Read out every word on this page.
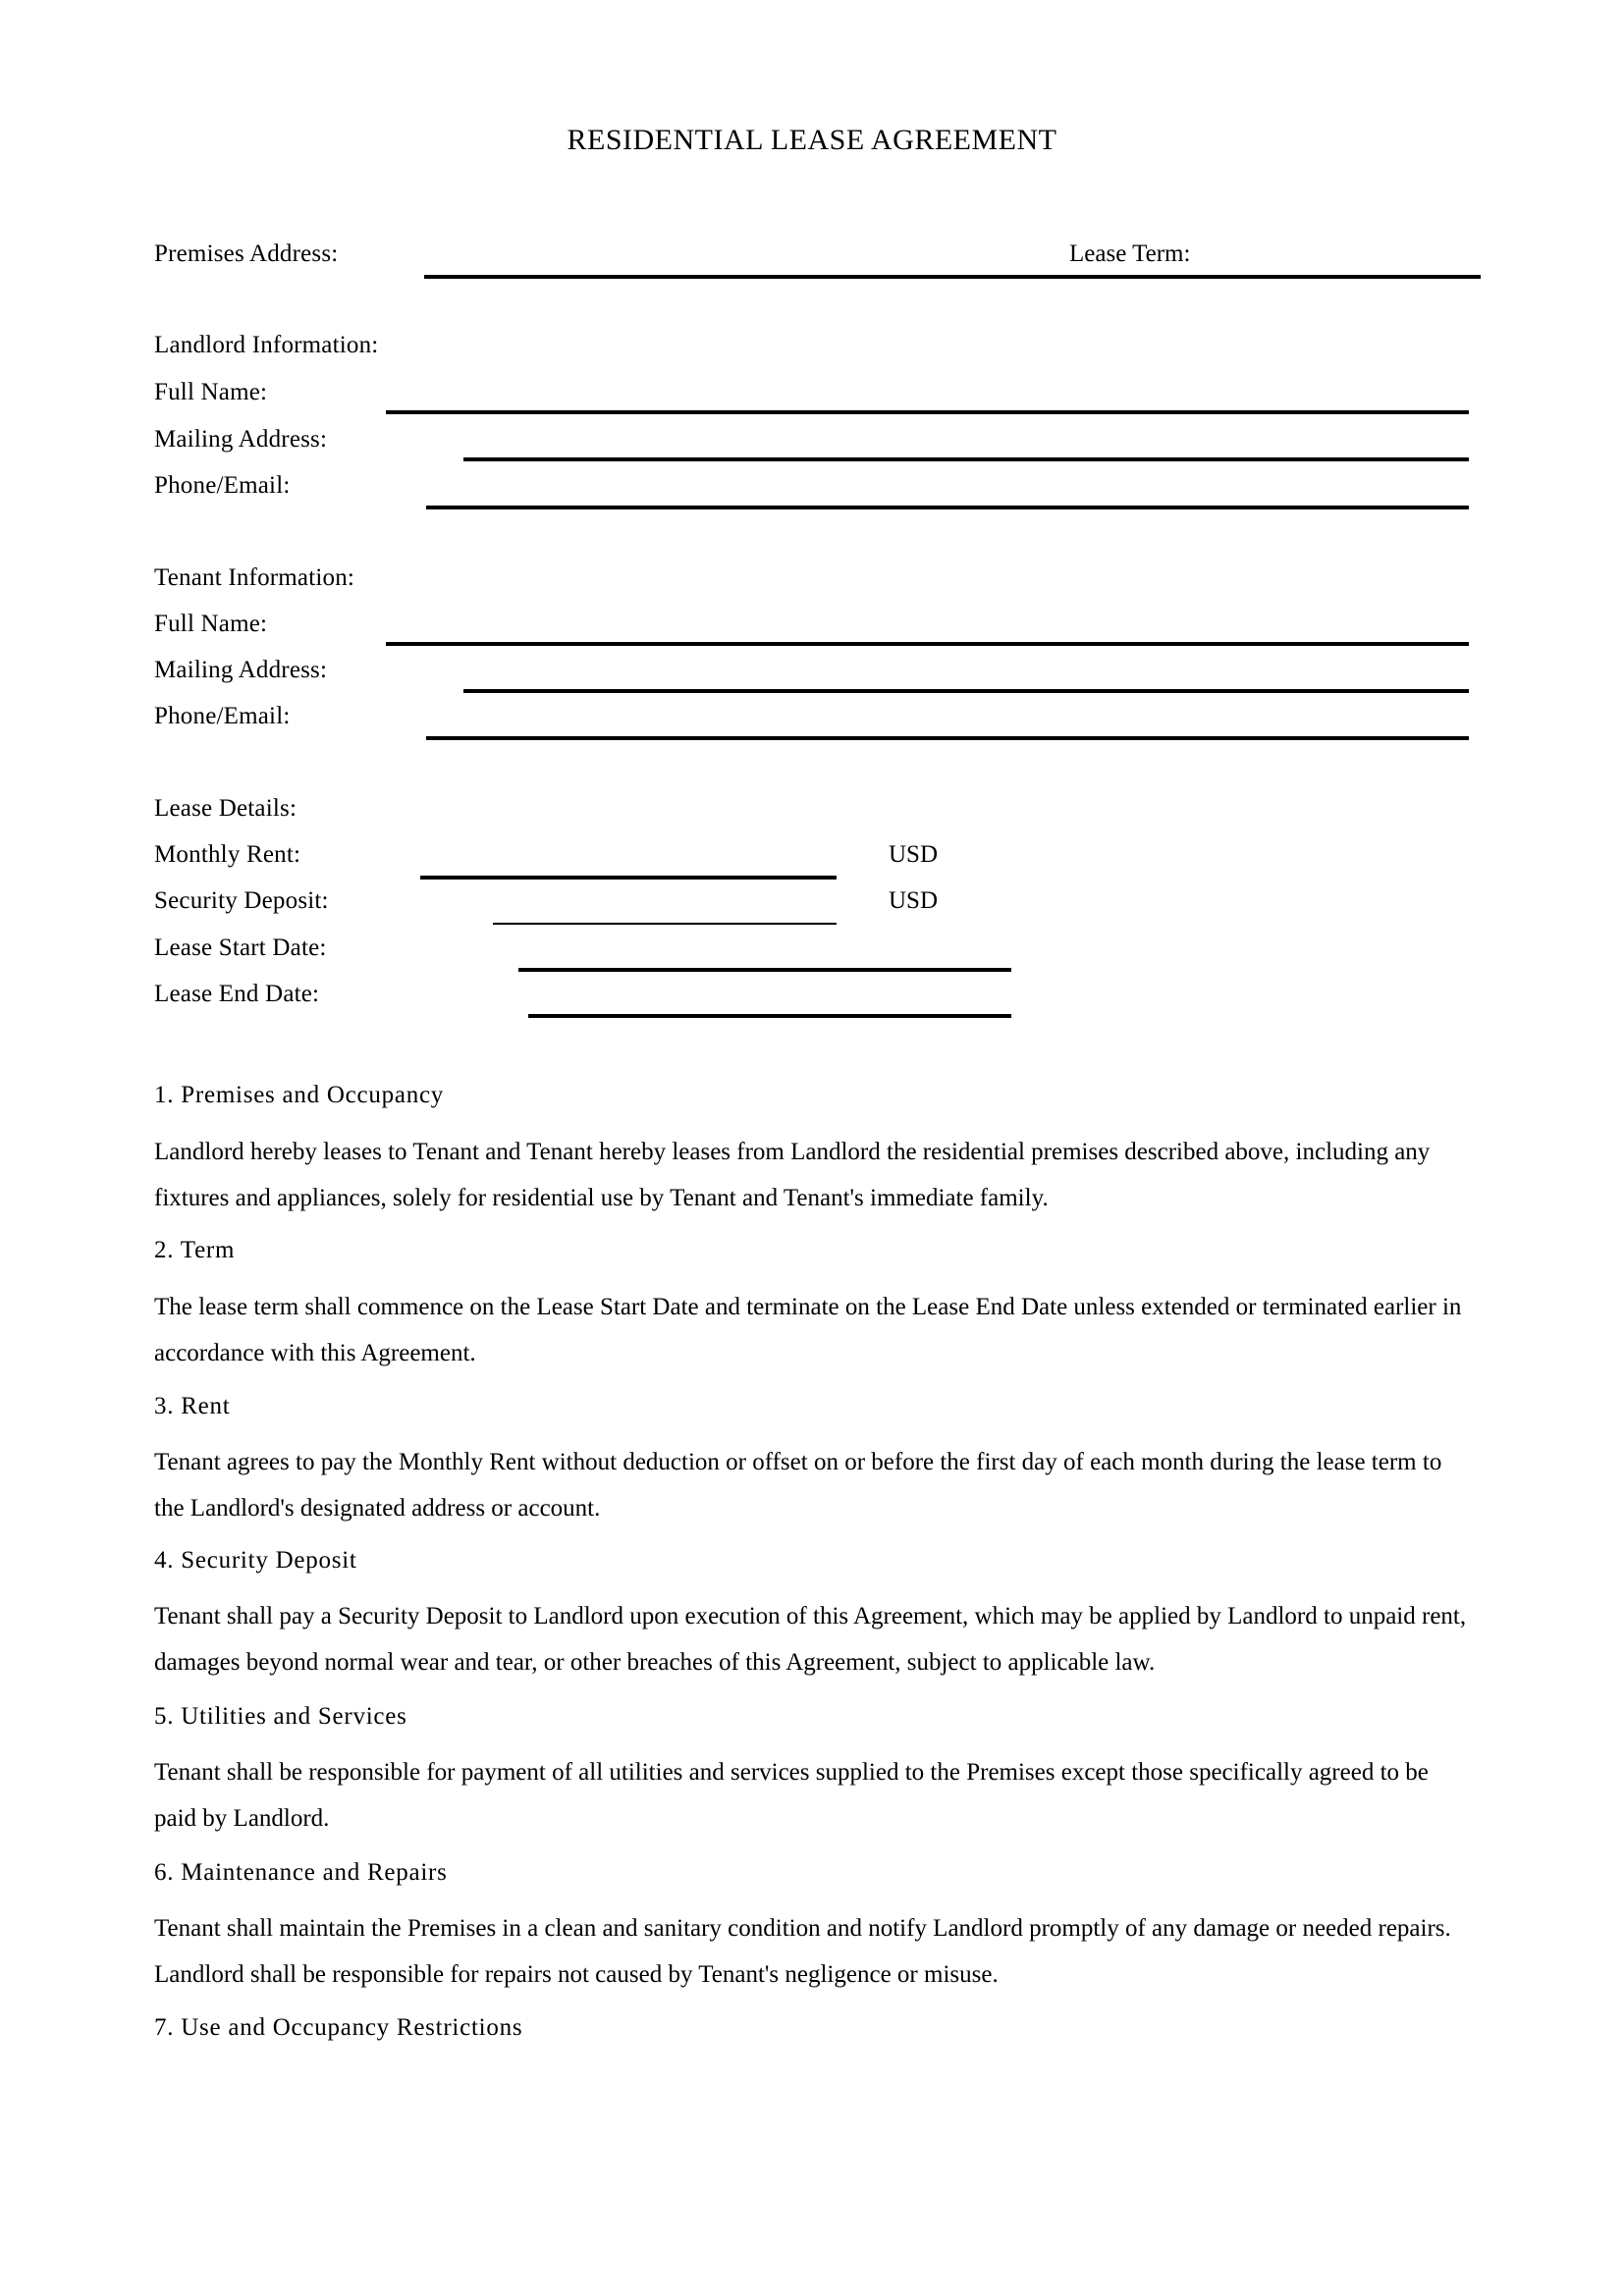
RESIDENTIAL LEASE AGREEMENT
Premises Address:	Lease Term:
Landlord Information:
Full Name:
Mailing Address:
Phone/Email:
Tenant Information:
Full Name:
Mailing Address:
Phone/Email:
Lease Details:
Monthly Rent:	USD
Security Deposit:	USD
Lease Start Date:
Lease End Date:
1. Premises and Occupancy
Landlord hereby leases to Tenant and Tenant hereby leases from Landlord the residential premises described above, including any fixtures and appliances, solely for residential use by Tenant and Tenant's immediate family.
2. Term
The lease term shall commence on the Lease Start Date and terminate on the Lease End Date unless extended or terminated earlier in accordance with this Agreement.
3. Rent
Tenant agrees to pay the Monthly Rent without deduction or offset on or before the first day of each month during the lease term to the Landlord's designated address or account.
4. Security Deposit
Tenant shall pay a Security Deposit to Landlord upon execution of this Agreement, which may be applied by Landlord to unpaid rent, damages beyond normal wear and tear, or other breaches of this Agreement, subject to applicable law.
5. Utilities and Services
Tenant shall be responsible for payment of all utilities and services supplied to the Premises except those specifically agreed to be paid by Landlord.
6. Maintenance and Repairs
Tenant shall maintain the Premises in a clean and sanitary condition and notify Landlord promptly of any damage or needed repairs. Landlord shall be responsible for repairs not caused by Tenant's negligence or misuse.
7. Use and Occupancy Restrictions
